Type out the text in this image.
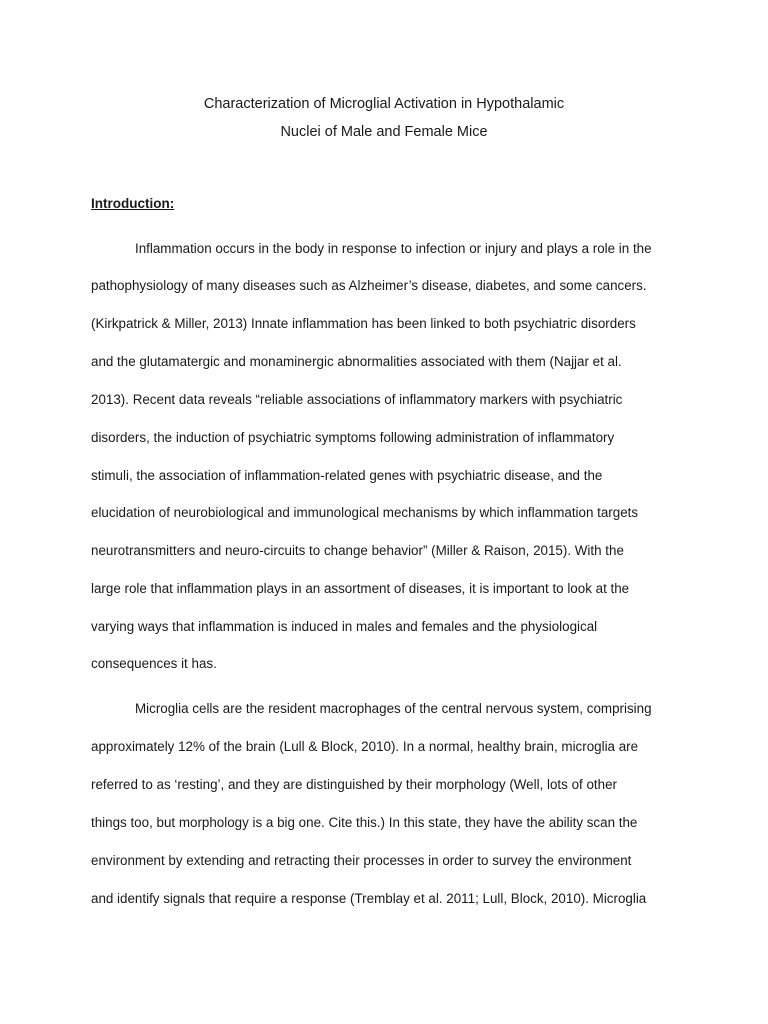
Characterization of Microglial Activation in Hypothalamic
Nuclei of Male and Female Mice
Introduction:
Inflammation occurs in the body in response to infection or injury and plays a role in the
pathophysiology of many diseases such as Alzheimer’s disease, diabetes, and some cancers.
(Kirkpatrick & Miller, 2013) Innate inflammation has been linked to both psychiatric disorders
and the glutamatergic and monaminergic abnormalities associated with them (Najjar et al.
2013). Recent data reveals “reliable associations of inflammatory markers with psychiatric
disorders, the induction of psychiatric symptoms following administration of inflammatory
stimuli, the association of inflammation-related genes with psychiatric disease, and the
elucidation of neurobiological and immunological mechanisms by which inflammation targets
neurotransmitters and neuro-circuits to change behavior” (Miller & Raison, 2015). With the
large role that inflammation plays in an assortment of diseases, it is important to look at the
varying ways that inflammation is induced in males and females and the physiological
consequences it has.
Microglia cells are the resident macrophages of the central nervous system, comprising
approximately 12% of the brain (Lull & Block, 2010). In a normal, healthy brain, microglia are
referred to as ‘resting’, and they are distinguished by their morphology (Well, lots of other
things too, but morphology is a big one. Cite this.) In this state, they have the ability scan the
environment by extending and retracting their processes in order to survey the environment
and identify signals that require a response (Tremblay et al. 2011; Lull, Block, 2010). Microglia
